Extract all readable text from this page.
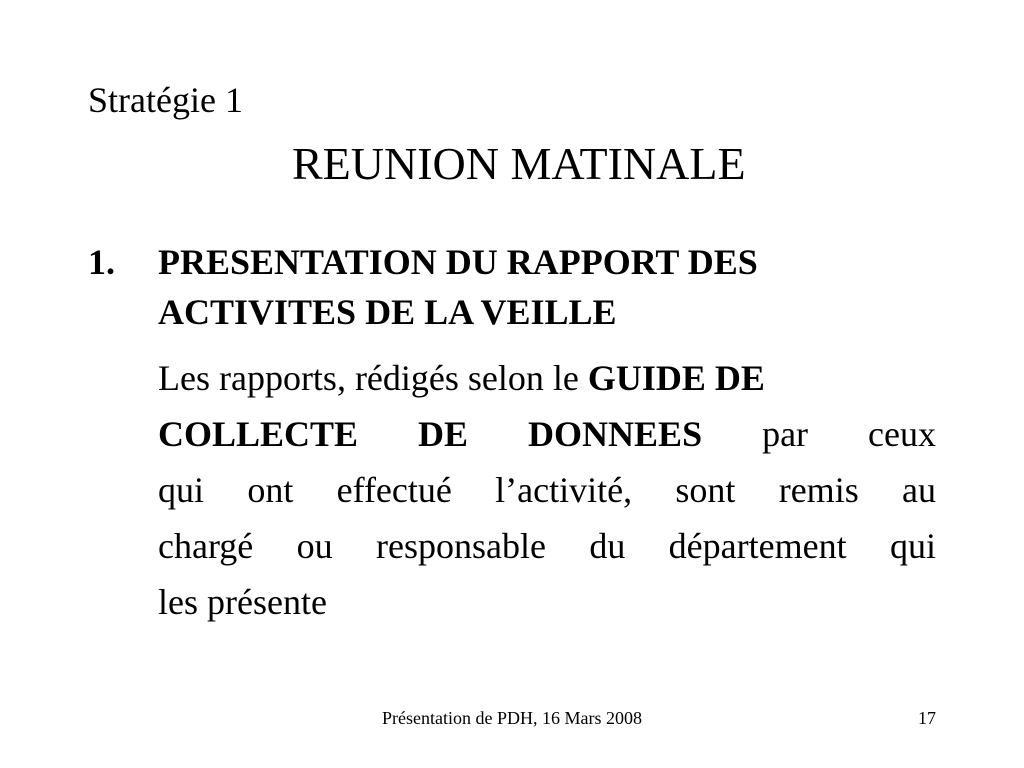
Stratégie 1
REUNION MATINALE
1. PRESENTATION DU RAPPORT DES
ACTIVITES DE LA VEILLE
Les rapports, rédigés selon le GUIDE DE
COLLECTE DE DONNEES par ceux
qui ont effectué l’activité, sont remis au
chargé ou responsable du département qui
les présente
Présentation de PDH, 16 Mars 2008	17
